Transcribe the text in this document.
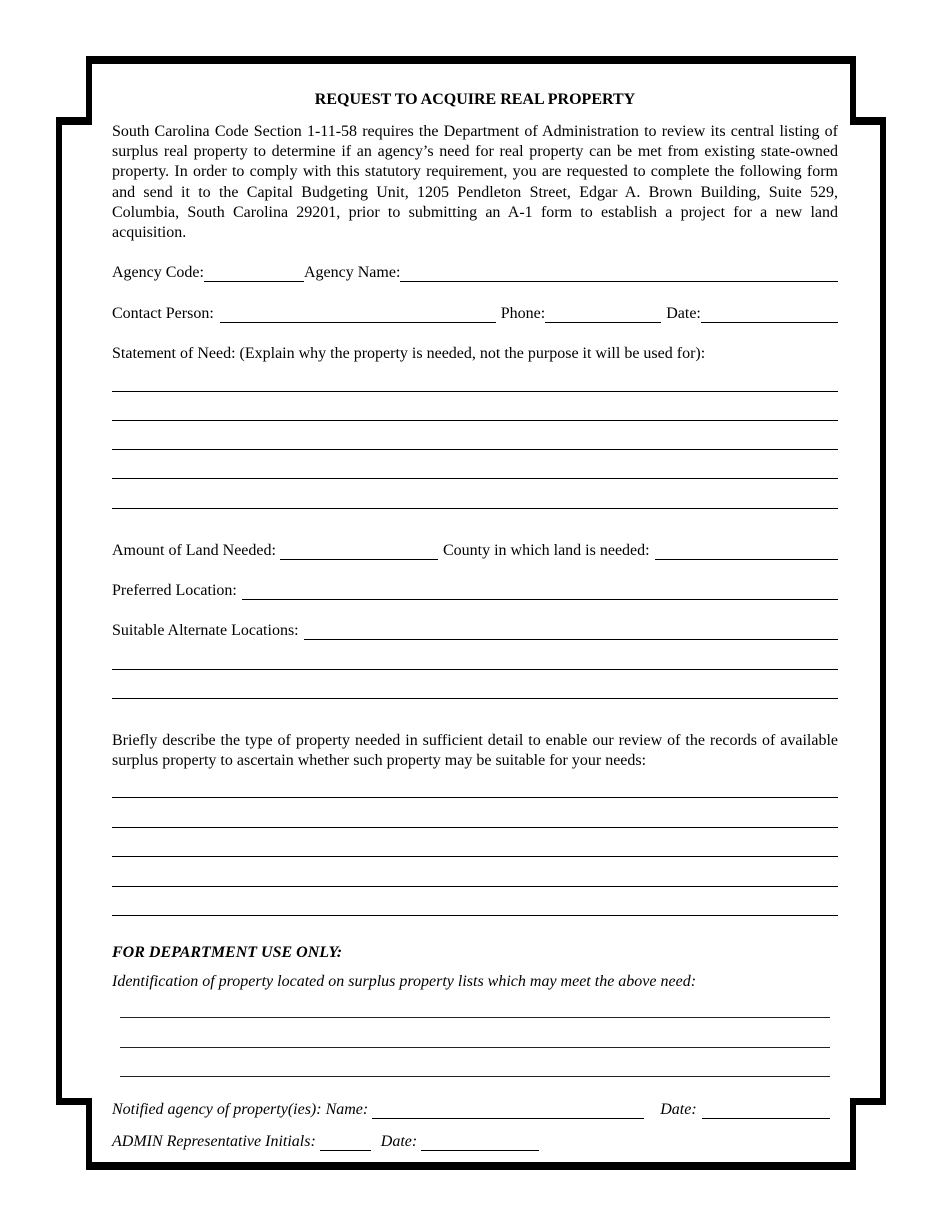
REQUEST TO ACQUIRE REAL PROPERTY

South Carolina Code Section 1-11-58 requires the Department of Administration to review its central listing of surplus real property to determine if an agency’s need for real property can be met from existing state-owned property. In order to comply with this statutory requirement, you are requested to complete the following form and send it to the Capital Budgeting Unit, 1205 Pendleton Street, Edgar A. Brown Building, Suite 529, Columbia, South Carolina 29201, prior to submitting an A-1 form to establish a project for a new land acquisition.

Agency Code:	Agency Name:
Contact Person:	Phone:	Date:
Statement of Need: (Explain why the property is needed, not the purpose it will be used for):
Amount of Land Needed:	County in which land is needed:
Preferred Location:
Suitable Alternate Locations:

Briefly describe the type of property needed in sufficient detail to enable our review of the records of available surplus property to ascertain whether such property may be suitable for your needs:

FOR DEPARTMENT USE ONLY:
Identification of property located on surplus property lists which may meet the above need:
Notified agency of property(ies): Name:	Date:
ADMIN Representative Initials:	Date:
